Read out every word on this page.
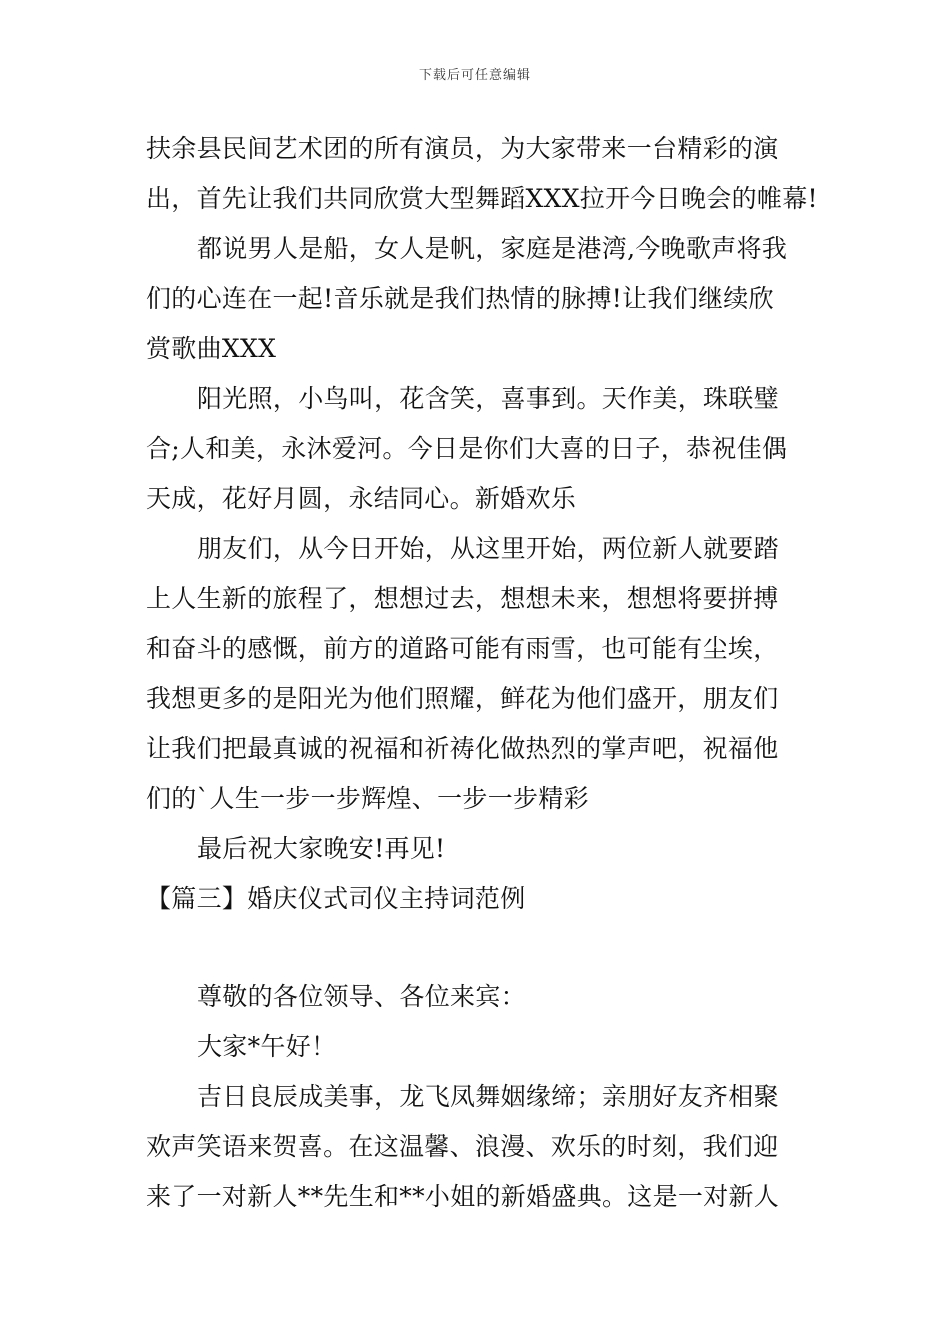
下载后可任意编辑
扶余县民间艺术团的所有演员，为大家带来一台精彩的演
出，首先让我们共同欣赏大型舞蹈XXX拉开今日晚会的帷幕!
都说男人是船，女人是帆，家庭是港湾,今晚歌声将我
们的心连在一起!音乐就是我们热情的脉搏!让我们继续欣
赏歌曲XXX
阳光照，小鸟叫，花含笑，喜事到。天作美，珠联璧
合;人和美，永沐爱河。今日是你们大喜的日子，恭祝佳偶
天成，花好月圆，永结同心。新婚欢乐
朋友们，从今日开始，从这里开始，两位新人就要踏
上人生新的旅程了，想想过去，想想未来，想想将要拼搏
和奋斗的感慨，前方的道路可能有雨雪，也可能有尘埃，
我想更多的是阳光为他们照耀，鲜花为他们盛开，朋友们
让我们把最真诚的祝福和祈祷化做热烈的掌声吧，祝福他
们的`人生一步一步辉煌、一步一步精彩
最后祝大家晚安!再见!
【篇三】婚庆仪式司仪主持词范例
尊敬的各位领导、各位来宾：
大家*午好！
吉日良辰成美事，龙飞凤舞姻缘缔；亲朋好友齐相聚
欢声笑语来贺喜。在这温馨、浪漫、欢乐的时刻，我们迎
来了一对新人**先生和**小姐的新婚盛典。这是一对新人
